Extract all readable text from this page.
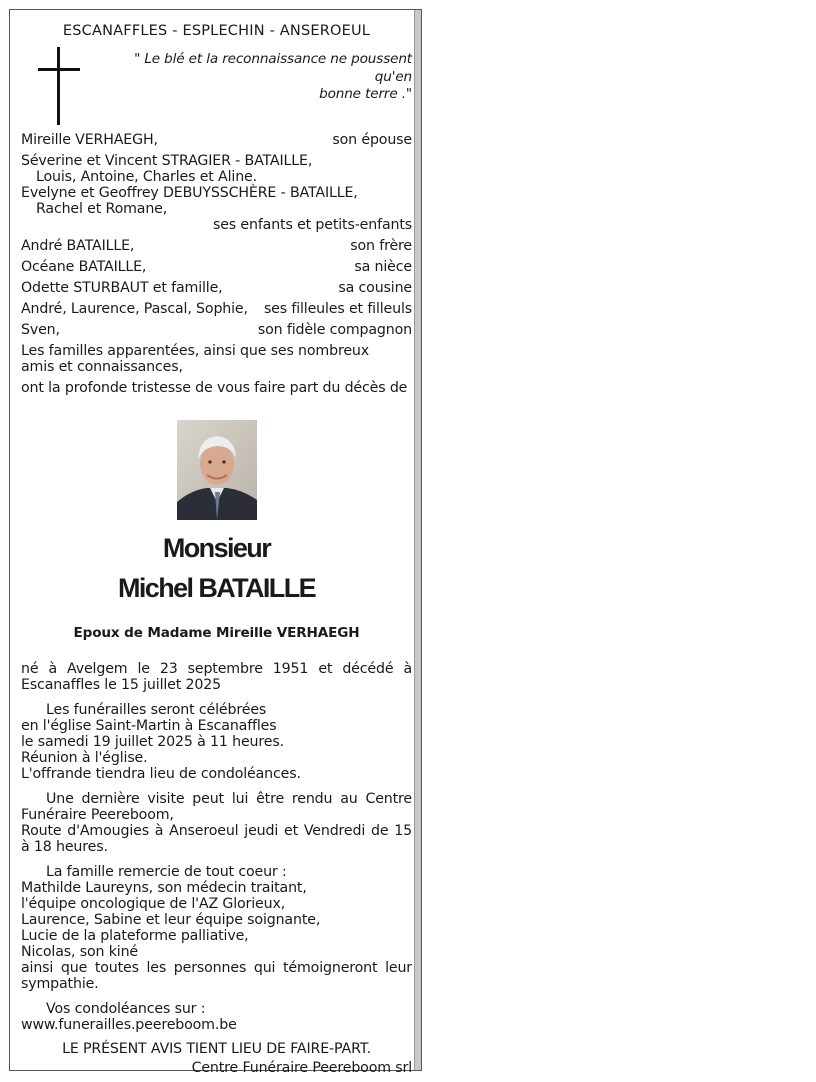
ESCANAFFLES - ESPLECHIN - ANSEROEUL
" Le blé et la reconnaissance ne poussent qu'en
bonne terre ."
Mireille VERHAEGH,	son épouse
Séverine et Vincent STRAGIER - BATAILLE,
Louis, Antoine, Charles et Aline.
Evelyne et Geoffrey DEBUYSSCHÈRE - BATAILLE,
Rachel et Romane,
ses enfants et petits-enfants
André BATAILLE,	son frère
Océane BATAILLE,	sa nièce
Odette STURBAUT et famille,	sa cousine
André, Laurence, Pascal, Sophie, ses filleules et filleuls
Sven,	son fidèle compagnon
Les familles apparentées, ainsi que ses nombreux amis et connaissances,
ont la profonde tristesse de vous faire part du décès de
Monsieur
Michel BATAILLE
Epoux de Madame Mireille VERHAEGH
né à Avelgem le 23 septembre 1951 et décédé à Escanaffles le 15 juillet 2025
Les funérailles seront célébrées
en l'église Saint-Martin à Escanaffles
le samedi 19 juillet 2025 à 11 heures.
Réunion à l'église.
L'offrande tiendra lieu de condoléances.
Une dernière visite peut lui être rendu au Centre Funéraire Peereboom,
Route d'Amougies à Anseroeul jeudi et Vendredi de 15 à 18 heures.
La famille remercie de tout coeur :
Mathilde Laureyns, son médecin traitant,
l'équipe oncologique de l'AZ Glorieux,
Laurence, Sabine et leur équipe soignante,
Lucie de la plateforme palliative,
Nicolas, son kiné
ainsi que toutes les personnes qui témoigneront leur sympathie.
Vos condoléances sur :
www.funerailles.peereboom.be
LE PRÉSENT AVIS TIENT LIEU DE FAIRE-PART.
Centre Funéraire Peereboom srl
